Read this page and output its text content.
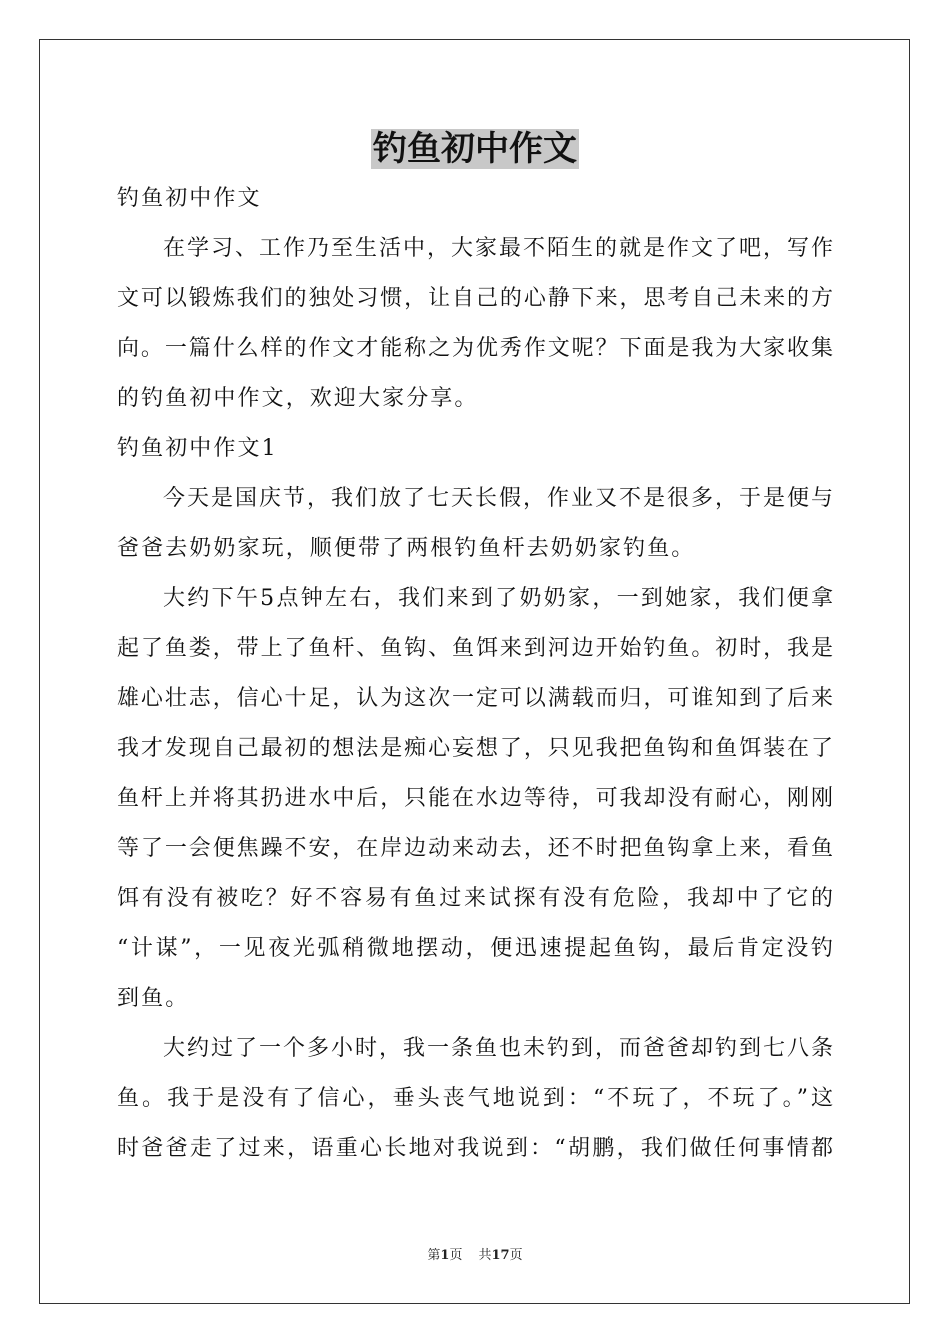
钓鱼初中作文
钓鱼初中作文
在学习、工作乃至生活中，大家最不陌生的就是作文了吧，写作
文可以锻炼我们的独处习惯，让自己的心静下来，思考自己未来的方
向。一篇什么样的作文才能称之为优秀作文呢？下面是我为大家收集
的钓鱼初中作文，欢迎大家分享。
钓鱼初中作文1
今天是国庆节，我们放了七天长假，作业又不是很多，于是便与
爸爸去奶奶家玩，顺便带了两根钓鱼杆去奶奶家钓鱼。
大约下午5点钟左右，我们来到了奶奶家，一到她家，我们便拿
起了鱼娄，带上了鱼杆、鱼钩、鱼饵来到河边开始钓鱼。初时，我是
雄心壮志，信心十足，认为这次一定可以满载而归，可谁知到了后来
我才发现自己最初的想法是痴心妄想了，只见我把鱼钩和鱼饵装在了
鱼杆上并将其扔进水中后，只能在水边等待，可我却没有耐心，刚刚
等了一会便焦躁不安，在岸边动来动去，还不时把鱼钩拿上来，看鱼
饵有没有被吃？好不容易有鱼过来试探有没有危险，我却中了它的
“计谋”，一见夜光弧稍微地摆动，便迅速提起鱼钩，最后肯定没钓
到鱼。
大约过了一个多小时，我一条鱼也未钓到，而爸爸却钓到七八条
鱼。我于是没有了信心，垂头丧气地说到：“不玩了，不玩了。”这
时爸爸走了过来，语重心长地对我说到：“胡鹏，我们做任何事情都
第1页 共17页
